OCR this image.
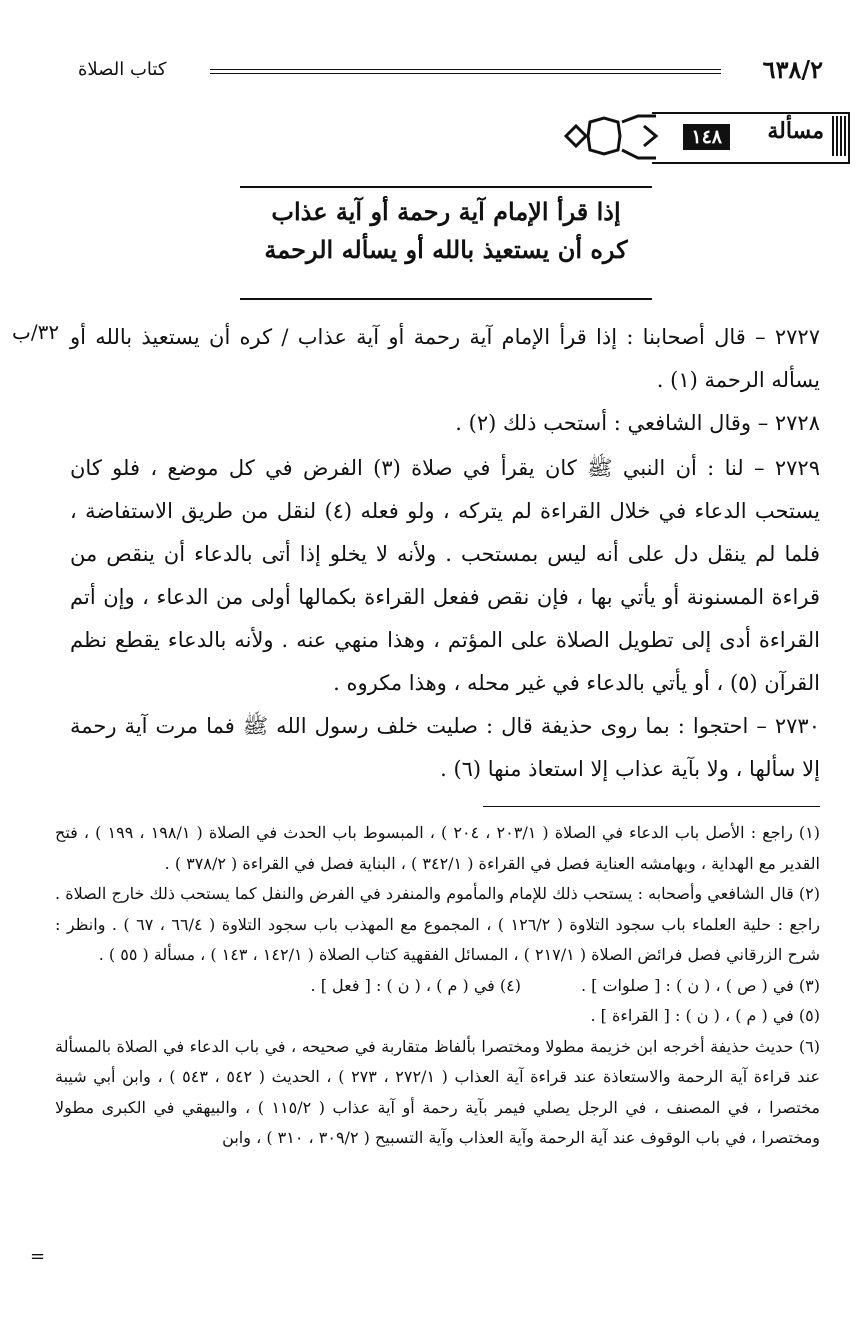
٦٣٨/٢
كتاب الصلاة
مسألة
١٤٨
إذا قرأ الإمام آية رحمة أو آية عذاب
كره أن يستعيذ بالله أو يسأله الرحمة
٣٢/ب ٢٧٢٧ – قال أصحابنا : إذا قرأ الإمام آية رحمة أو آية عذاب / كره أن يستعيذ بالله أو يسأله الرحمة (١) .
٢٧٢٨ – وقال الشافعي : أستحب ذلك (٢) .
٢٧٢٩ – لنا : أن النبي ﷺ كان يقرأ في صلاة (٣) الفرض في كل موضع ، فلو كان يستحب الدعاء في خلال القراءة لم يتركه ، ولو فعله (٤) لنقل من طريق الاستفاضة ، فلما لم ينقل دل على أنه ليس بمستحب . ولأنه لا يخلو إذا أتى بالدعاء أن ينقص من قراءة المسنونة أو يأتي بها ، فإن نقص ففعل القراءة بكمالها أولى من الدعاء ، وإن أتم القراءة أدى إلى تطويل الصلاة على المؤتم ، وهذا منهي عنه . ولأنه بالدعاء يقطع نظم القرآن (٥) ، أو يأتي بالدعاء في غير محله ، وهذا مكروه .
٢٧٣٠ – احتجوا : بما روى حذيفة قال : صليت خلف رسول الله ﷺ فما مرت آية رحمة إلا سألها ، ولا بآية عذاب إلا استعاذ منها (٦) .

(١) راجع : الأصل باب الدعاء في الصلاة ( ٢٠٣/١ ، ٢٠٤ ) ، المبسوط باب الحدث في الصلاة ( ١٩٨/١ ، ١٩٩ ) ، فتح القدير مع الهداية ، وبهامشه العناية فصل في القراءة ( ٣٤٢/١ ) ، البناية فصل في القراءة ( ٣٧٨/٢ ) .

(٢) قال الشافعي وأصحابه : يستحب ذلك للإمام والمأموم والمنفرد في الفرض والنفل كما يستحب ذلك خارج الصلاة . راجع : حلية العلماء باب سجود التلاوة ( ١٢٦/٢ ) ، المجموع مع المهذب باب سجود التلاوة ( ٦٦/٤ ، ٦٧ ) . وانظر : شرح الزرقاني فصل فرائض الصلاة ( ٢١٧/١ ) ، المسائل الفقهية كتاب الصلاة ( ١٤٢/١ ، ١٤٣ ) ، مسألة ( ٥٥ ) .

(٣) في ( ص ) ، ( ن ) : [ صلوات ] .

(٤) في ( م ) ، ( ن ) : [ فعل ] .

(٥) في ( م ) ، ( ن ) : [ القراءة ] .

(٦) حديث حذيفة أخرجه ابن خزيمة مطولا ومختصرا بألفاظ متقاربة في صحيحه ، في باب الدعاء في الصلاة بالمسألة عند قراءة آية الرحمة والاستعاذة عند قراءة آية العذاب ( ٢٧٢/١ ، ٢٧٣ ) ، الحديث ( ٥٤٢ ، ٥٤٣ ) ، وابن أبي شيبة مختصرا ، في المصنف ، في الرجل يصلي فيمر بآية رحمة أو آية عذاب ( ١١٥/٢ ) ، والبيهقي في الكبرى مطولا ومختصرا ، في باب الوقوف عند آية الرحمة وآية العذاب وآية التسبيح ( ٣٠٩/٢ ، ٣١٠ ) ، وابن

=
